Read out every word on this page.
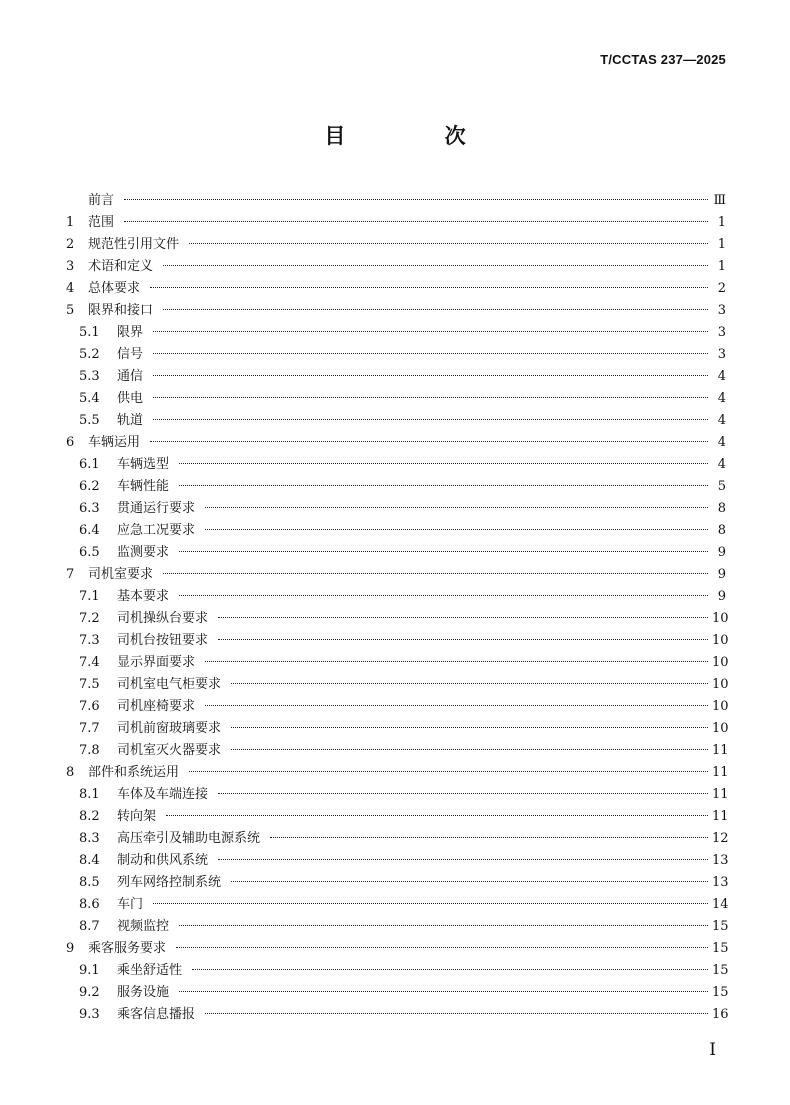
T/CCTAS 237—2025
目 次
前言	Ⅲ
1	范围	1
2	规范性引用文件	1
3	术语和定义	1
4	总体要求	2
5	限界和接口	3
5.1	限界	3
5.2	信号	3
5.3	通信	4
5.4	供电	4
5.5	轨道	4
6	车辆运用	4
6.1	车辆选型	4
6.2	车辆性能	5
6.3	贯通运行要求	8
6.4	应急工况要求	8
6.5	监测要求	9
7	司机室要求	9
7.1	基本要求	9
7.2	司机操纵台要求	10
7.3	司机台按钮要求	10
7.4	显示界面要求	10
7.5	司机室电气柜要求	10
7.6	司机座椅要求	10
7.7	司机前窗玻璃要求	10
7.8	司机室灭火器要求	11
8	部件和系统运用	11
8.1	车体及车端连接	11
8.2	转向架	11
8.3	高压牵引及辅助电源系统	12
8.4	制动和供风系统	13
8.5	列车网络控制系统	13
8.6	车门	14
8.7	视频监控	15
9	乘客服务要求	15
9.1	乘坐舒适性	15
9.2	服务设施	15
9.3	乘客信息播报	16
I
